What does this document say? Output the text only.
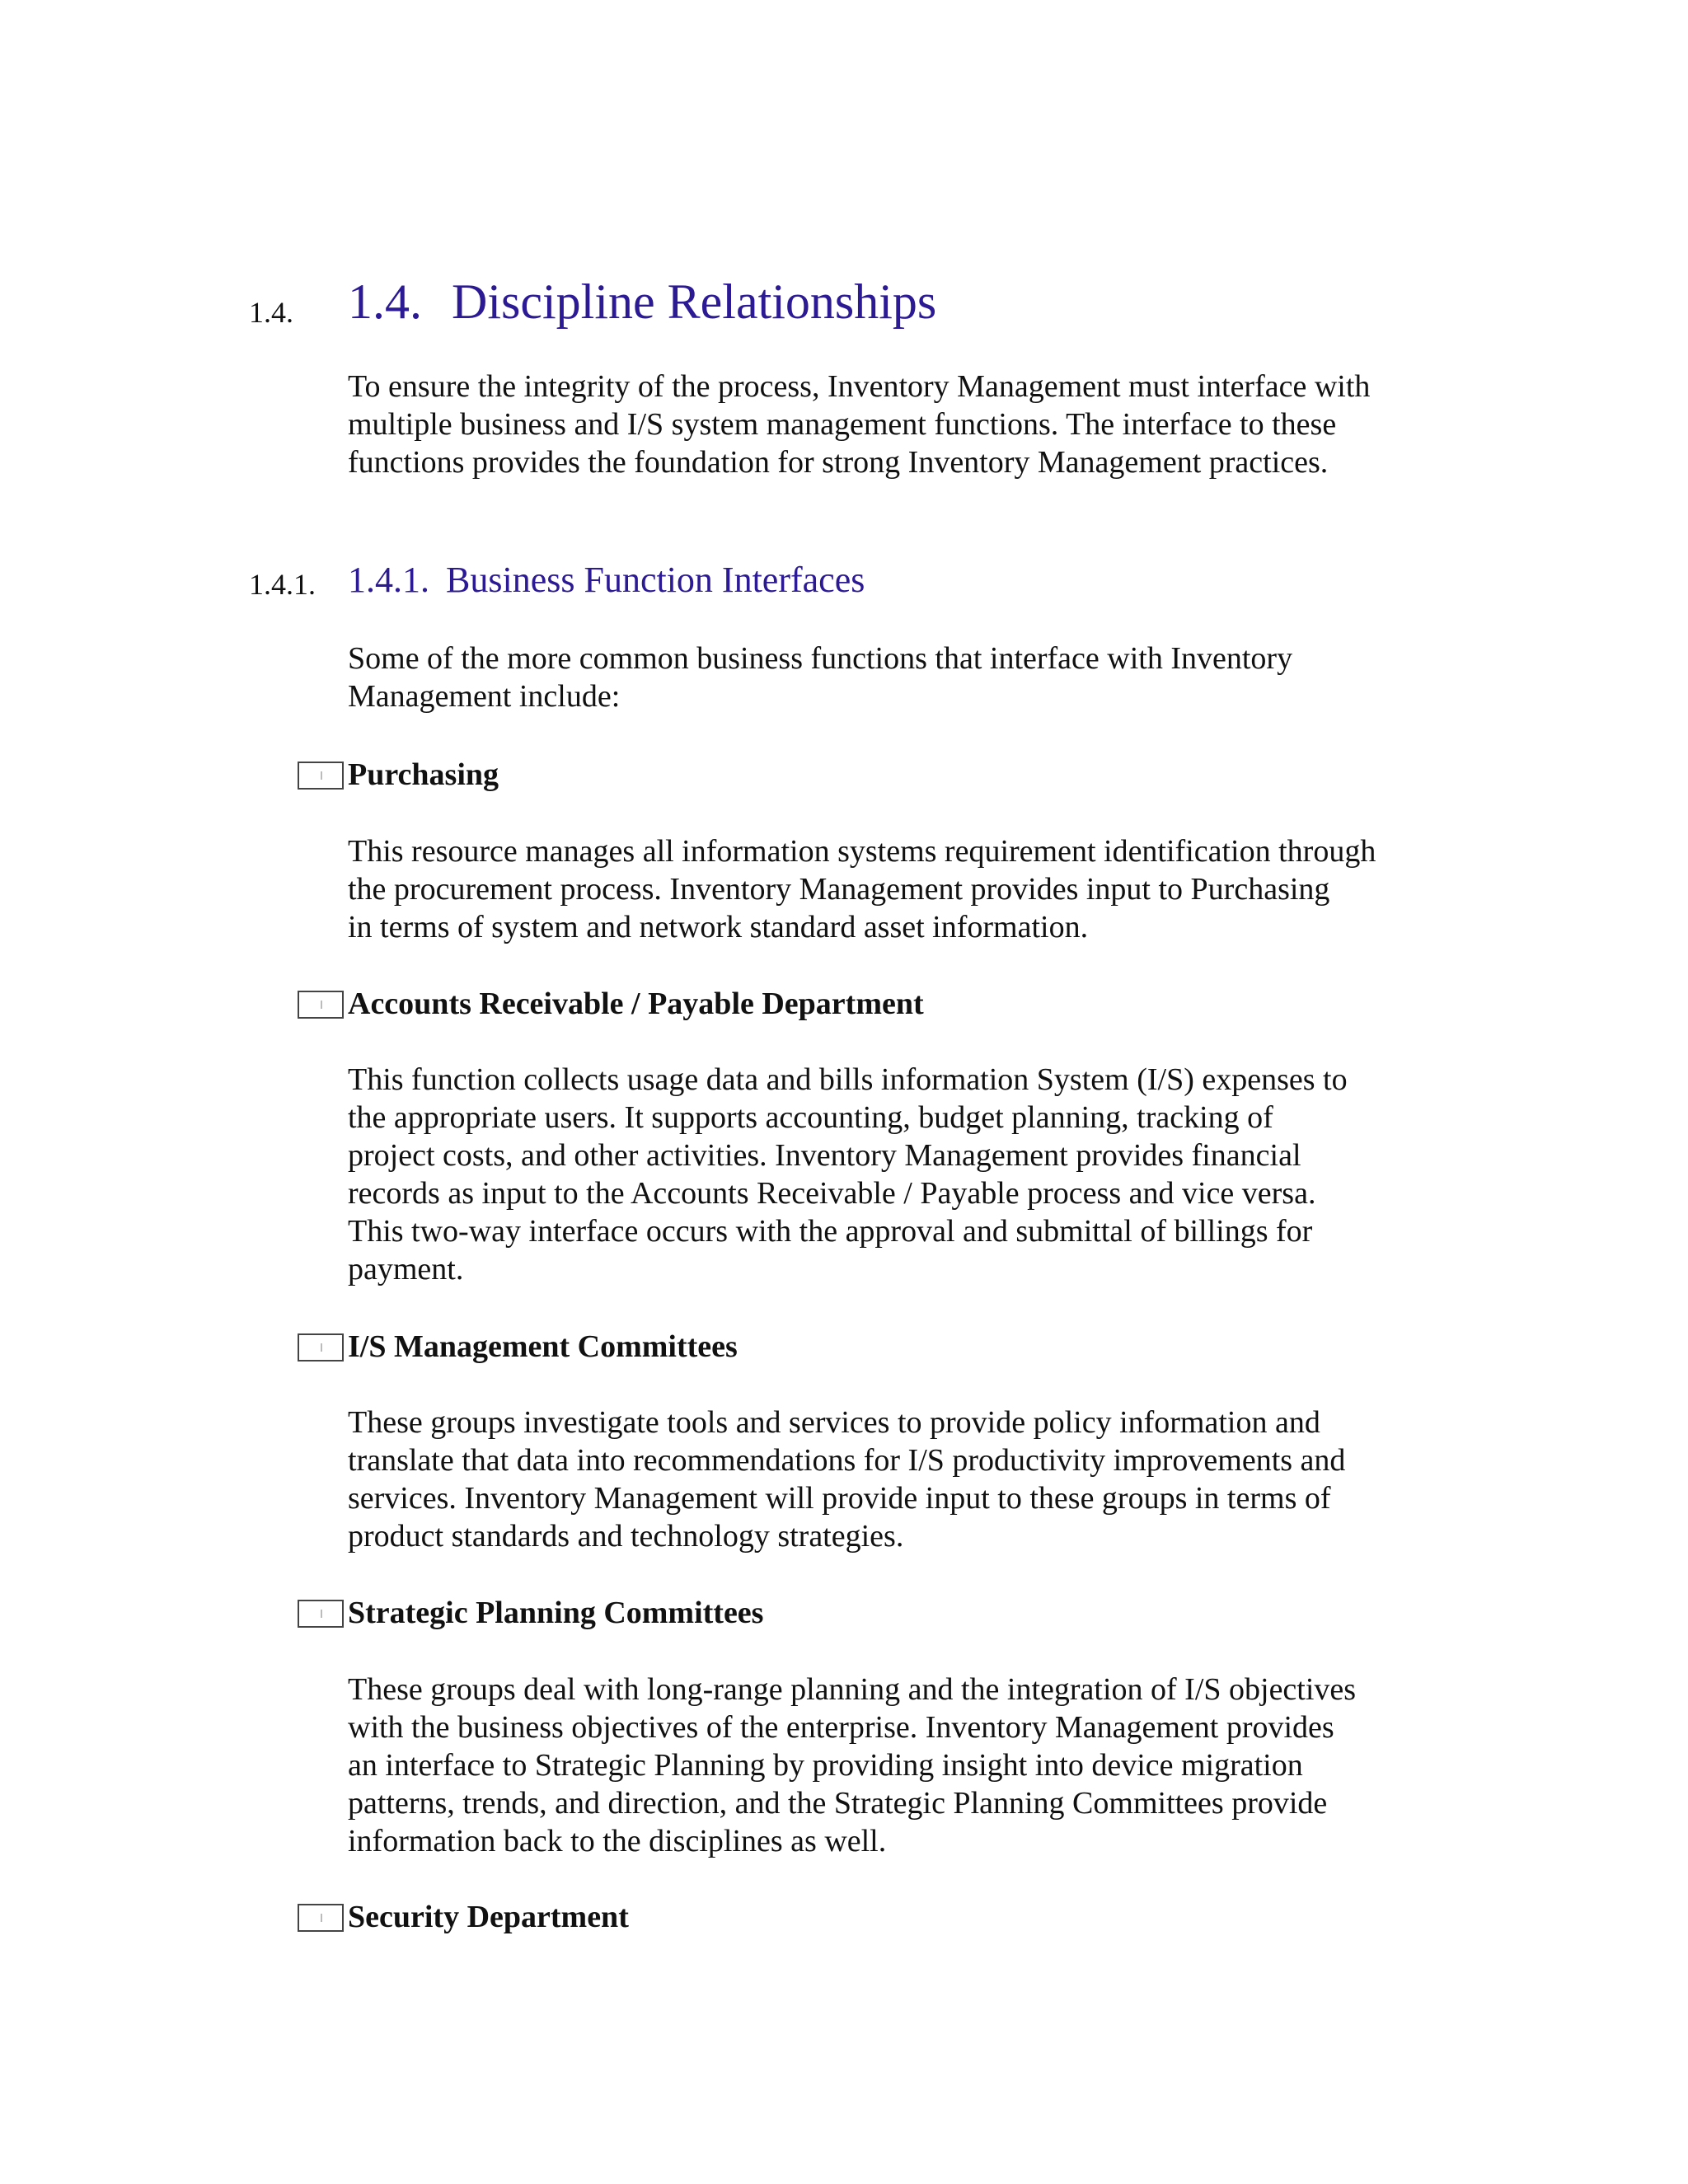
1.4. 1.4. Discipline Relationships

To ensure the integrity of the process, Inventory Management must interface with
multiple business and I/S system management functions. The interface to these
functions provides the foundation for strong Inventory Management practices.

1.4.1. 1.4.1. Business Function Interfaces

Some of the more common business functions that interface with Inventory
Management include:

Purchasing

This resource manages all information systems requirement identification through
the procurement process. Inventory Management provides input to Purchasing
in terms of system and network standard asset information.

Accounts Receivable / Payable Department

This function collects usage data and bills information System (I/S) expenses to
the appropriate users. It supports accounting, budget planning, tracking of
project costs, and other activities. Inventory Management provides financial
records as input to the Accounts Receivable / Payable process and vice versa.
This two-way interface occurs with the approval and submittal of billings for
payment.

I/S Management Committees

These groups investigate tools and services to provide policy information and
translate that data into recommendations for I/S productivity improvements and
services. Inventory Management will provide input to these groups in terms of
product standards and technology strategies.

Strategic Planning Committees

These groups deal with long-range planning and the integration of I/S objectives
with the business objectives of the enterprise. Inventory Management provides
an interface to Strategic Planning by providing insight into device migration
patterns, trends, and direction, and the Strategic Planning Committees provide
information back to the disciplines as well.

Security Department
